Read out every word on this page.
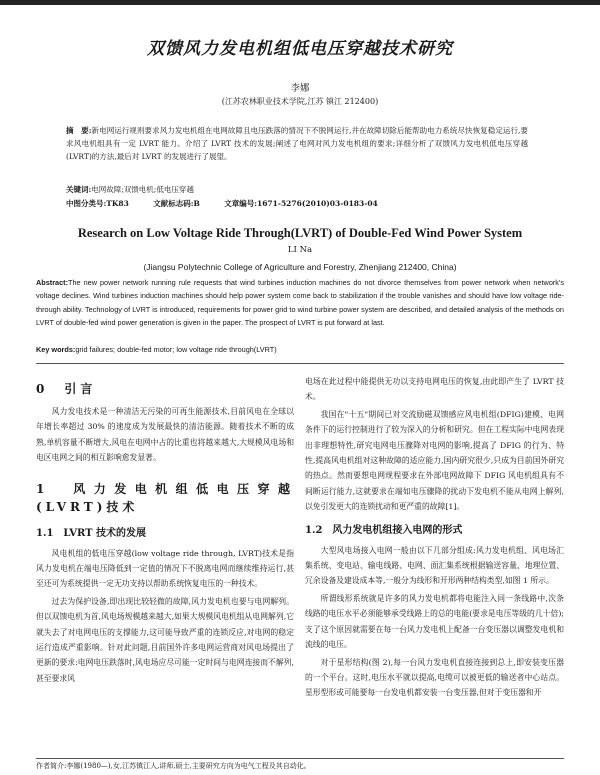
双馈风力发电机组低电压穿越技术研究
李娜
(江苏农林职业技术学院,江苏 镇江 212400)
摘　要:新电网运行规则要求风力发电机组在电网故障且电压跌落的情况下不脱网运行,并在故障切除后能帮助电力系统尽快恢复稳定运行,要求风电机组具有一定 LVRT 能力。介绍了 LVRT 技术的发展;阐述了电网对风力发电机组的要求;详细分析了双馈风力发电机低电压穿越(LVRT)的方法,最后对 LVRT 的发展进行了展望。
关键词:电网故障;双馈电机;低电压穿越
中图分类号:TK83	文献标志码:B	文章编号:1671-5276(2010)03-0183-04
Research on Low Voltage Ride Through(LVRT) of Double-Fed Wind Power System
LI Na
(Jiangsu Polytechnic College of Agriculture and Forestry, Zhenjiang 212400, China)
Abstract:The new power network running rule requests that wind turbines induction machines do not divorce themselves from power network when network's voltage declines. Wind turbines induction machines should help power system come back to stabilization if the trouble vanishes and should have low voltage ride-through ability. Technology of LVRT is introduced, requirements for power grid to wind turbine power system are described, and detailed analysis of the methods on LVRT of double-fed wind power generation is given in the paper. The prospect of LVRT is put forward at last.
Key words:grid failures; double-fed motor; low voltage ride through(LVRT)
0　引言
风力发电技术是一种清洁无污染的可再生能源技术,目前风电在全球以年增长率超过 30% 的速度成为发展最快的清洁能源。随着技术不断的成熟,单机容量不断增大,风电在电网中占的比重也将越来越大,大规模风电场和电区电网之间的相互影响愈发显著。
1　风力发电机组低电压穿越(LVRT)技术
1.1　LVRT 技术的发展
风电机组的低电压穿越(low voltage ride through, LVRT)技术是指风力发电机在端电压降低到一定值的情况下不脱离电网而继续维持运行,甚至还可为系统提供一定无功支持以帮助系统恢复电压的一种技术。
过去为保护设备,即出现比较轻微的故障,风力发电机也要与电网解列。但以双馈电机为首,风电场规模越来越大,如果大规模风电机组从电网解列,它就失去了对电网电压的支撑能力,这可能导致严重的连锁反应,对电网的稳定运行造成严重影响。针对此问题,目前国外许多电网运营商对风电场提出了更新的要求:电网电压跌落时,风电场应尽可能一定时间与电网连接而不解列,甚至要求风
电场在此过程中能提供无功以支持电网电压的恢复,由此即产生了 LVRT 技术。
我国在"十五"期间已对交流励磁双馈感应风电机组(DFIG)建模、电网条件下的运行控制进行了较为深入的分析和研究。但在工程实际中电网表现出非理想特性,研究电网电压骤降对电网的影响,提高了 DFIG 的行为、特性,提高风电机组对这种故障的适应能力,国内研究很少,只成为目前国外研究的热点。然而要想电网规程要求在外部电网故障下 DFIG 风电机组具有不间断运行能力,这就要求在端如电压骤降的扰动下发电机不能从电网上解列,以免引发更大的连锁扰动和更严重的故障[1]。
1.2　风力发电机组接入电网的形式
大型风电场接入电网一般由以下几部分组成:风力发电机组、风电场汇集系统、变电站、输电线路、电网、面汇集系统根据输送容量、地理位置、冗余设备及建设成本等,一般分为线形和开形两种结构类型,如图 1 所示。
所谓线形系统就是许多的风力发电机都将电能注入同一条线路中,次条线路的电压水平必须能够承受线路上的总的电能(要求是电压等级的几十倍);支了这个原因就需要在每一台风力发电机上配备一台变压器以调整发电机和流线的电压。
对于星形结构(图 2),每一台风力发电机直接连接到总上,即安装变压器的一个平台。这时,电压水平就以提高,电缆可以被更低的输送者中心站点。星形型形或可能要每一台发电机都安装一台变压器,但对于变压器和开
作者简介:李娜(1980—),女,江苏镇江人,讲师,硕士,主要研究方向为电气工程及其自动化。
